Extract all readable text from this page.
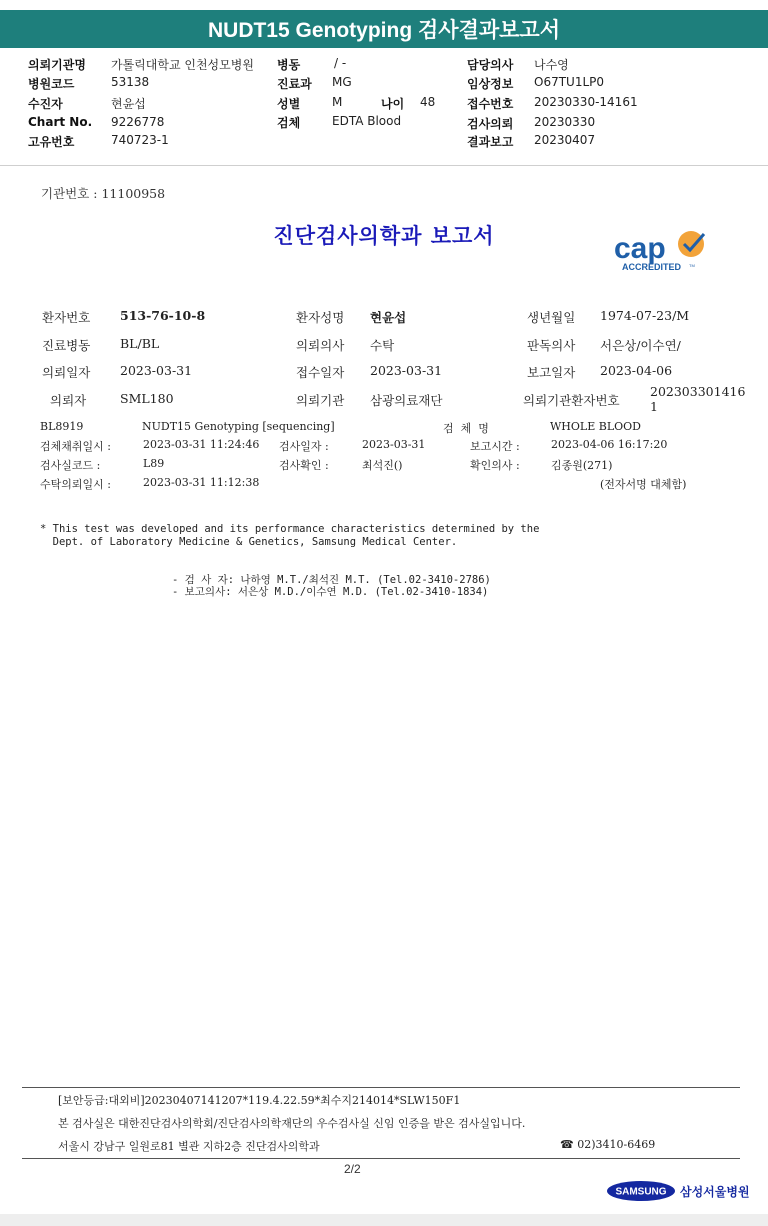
NUDT15 Genotyping 검사결과보고서
의뢰기관명 가톨릭대학교 인천성모병원
병원코드	53138
수진자	현윤섭
Chart No. 9226778
고유번호	740723-1
병동	/ -
진료과 MG
성별	M	나이 48
검체	EDTA Blood
담당의사 나수영
임상정보 O67TU1LP0
접수번호 20230330-14161
검사의뢰 20230330
결과보고 20230407
기관번호 : 11100958
진단검사의학과 보고서	cap
ACCREDITED TM
환자번호 513-76-10-8	환자성명 현윤섭	생년월일 1974-07-23/M
진료병동 BL/BL	의뢰의사 수탁	판독의사 서은상/이수연/
의뢰일자 2023-03-31	접수일자 2023-03-31	보고일자 2023-04-06
의뢰자	SML180	의뢰기관 삼광의료재단	의뢰기관환자번호
202303301416
1
BL8919	NUDT15 Genotyping [sequencing]	검  체  명	WHOLE BLOOD
검체채취일시 :	2023-03-31 11:24:46 검사일자 :	2023-03-31	보고시간 :	2023-04-06 16:17:20
검사실코드 :	L89	검사확인 :	최석진()	확인의사 :	김종원(271)
수탁의뢰일시 :	2023-03-31 11:12:38	(전자서명 대체함)
* This test was developed and its performance characteristics determined by the
Dept. of Laboratory Medicine & Genetics, Samsung Medical Center.
- 검 사 자: 나하영 M.T./최석진 M.T. (Tel.02-3410-2786)
- 보고의사: 서은상 M.D./이수연 M.D. (Tel.02-3410-1834)
[보안등급:대외비]20230407141207*119.4.22.59*최수지214014*SLW150F1
본 검사실은 대한진단검사의학회/진단검사의학재단의 우수검사실 신임 인증을 받은 검사실입니다.
서울시 강남구 일원로81 별관 지하2층 진단검사의학과	☎ 02)3410-6469
2/2
SAMSUNG 삼성서울병원
